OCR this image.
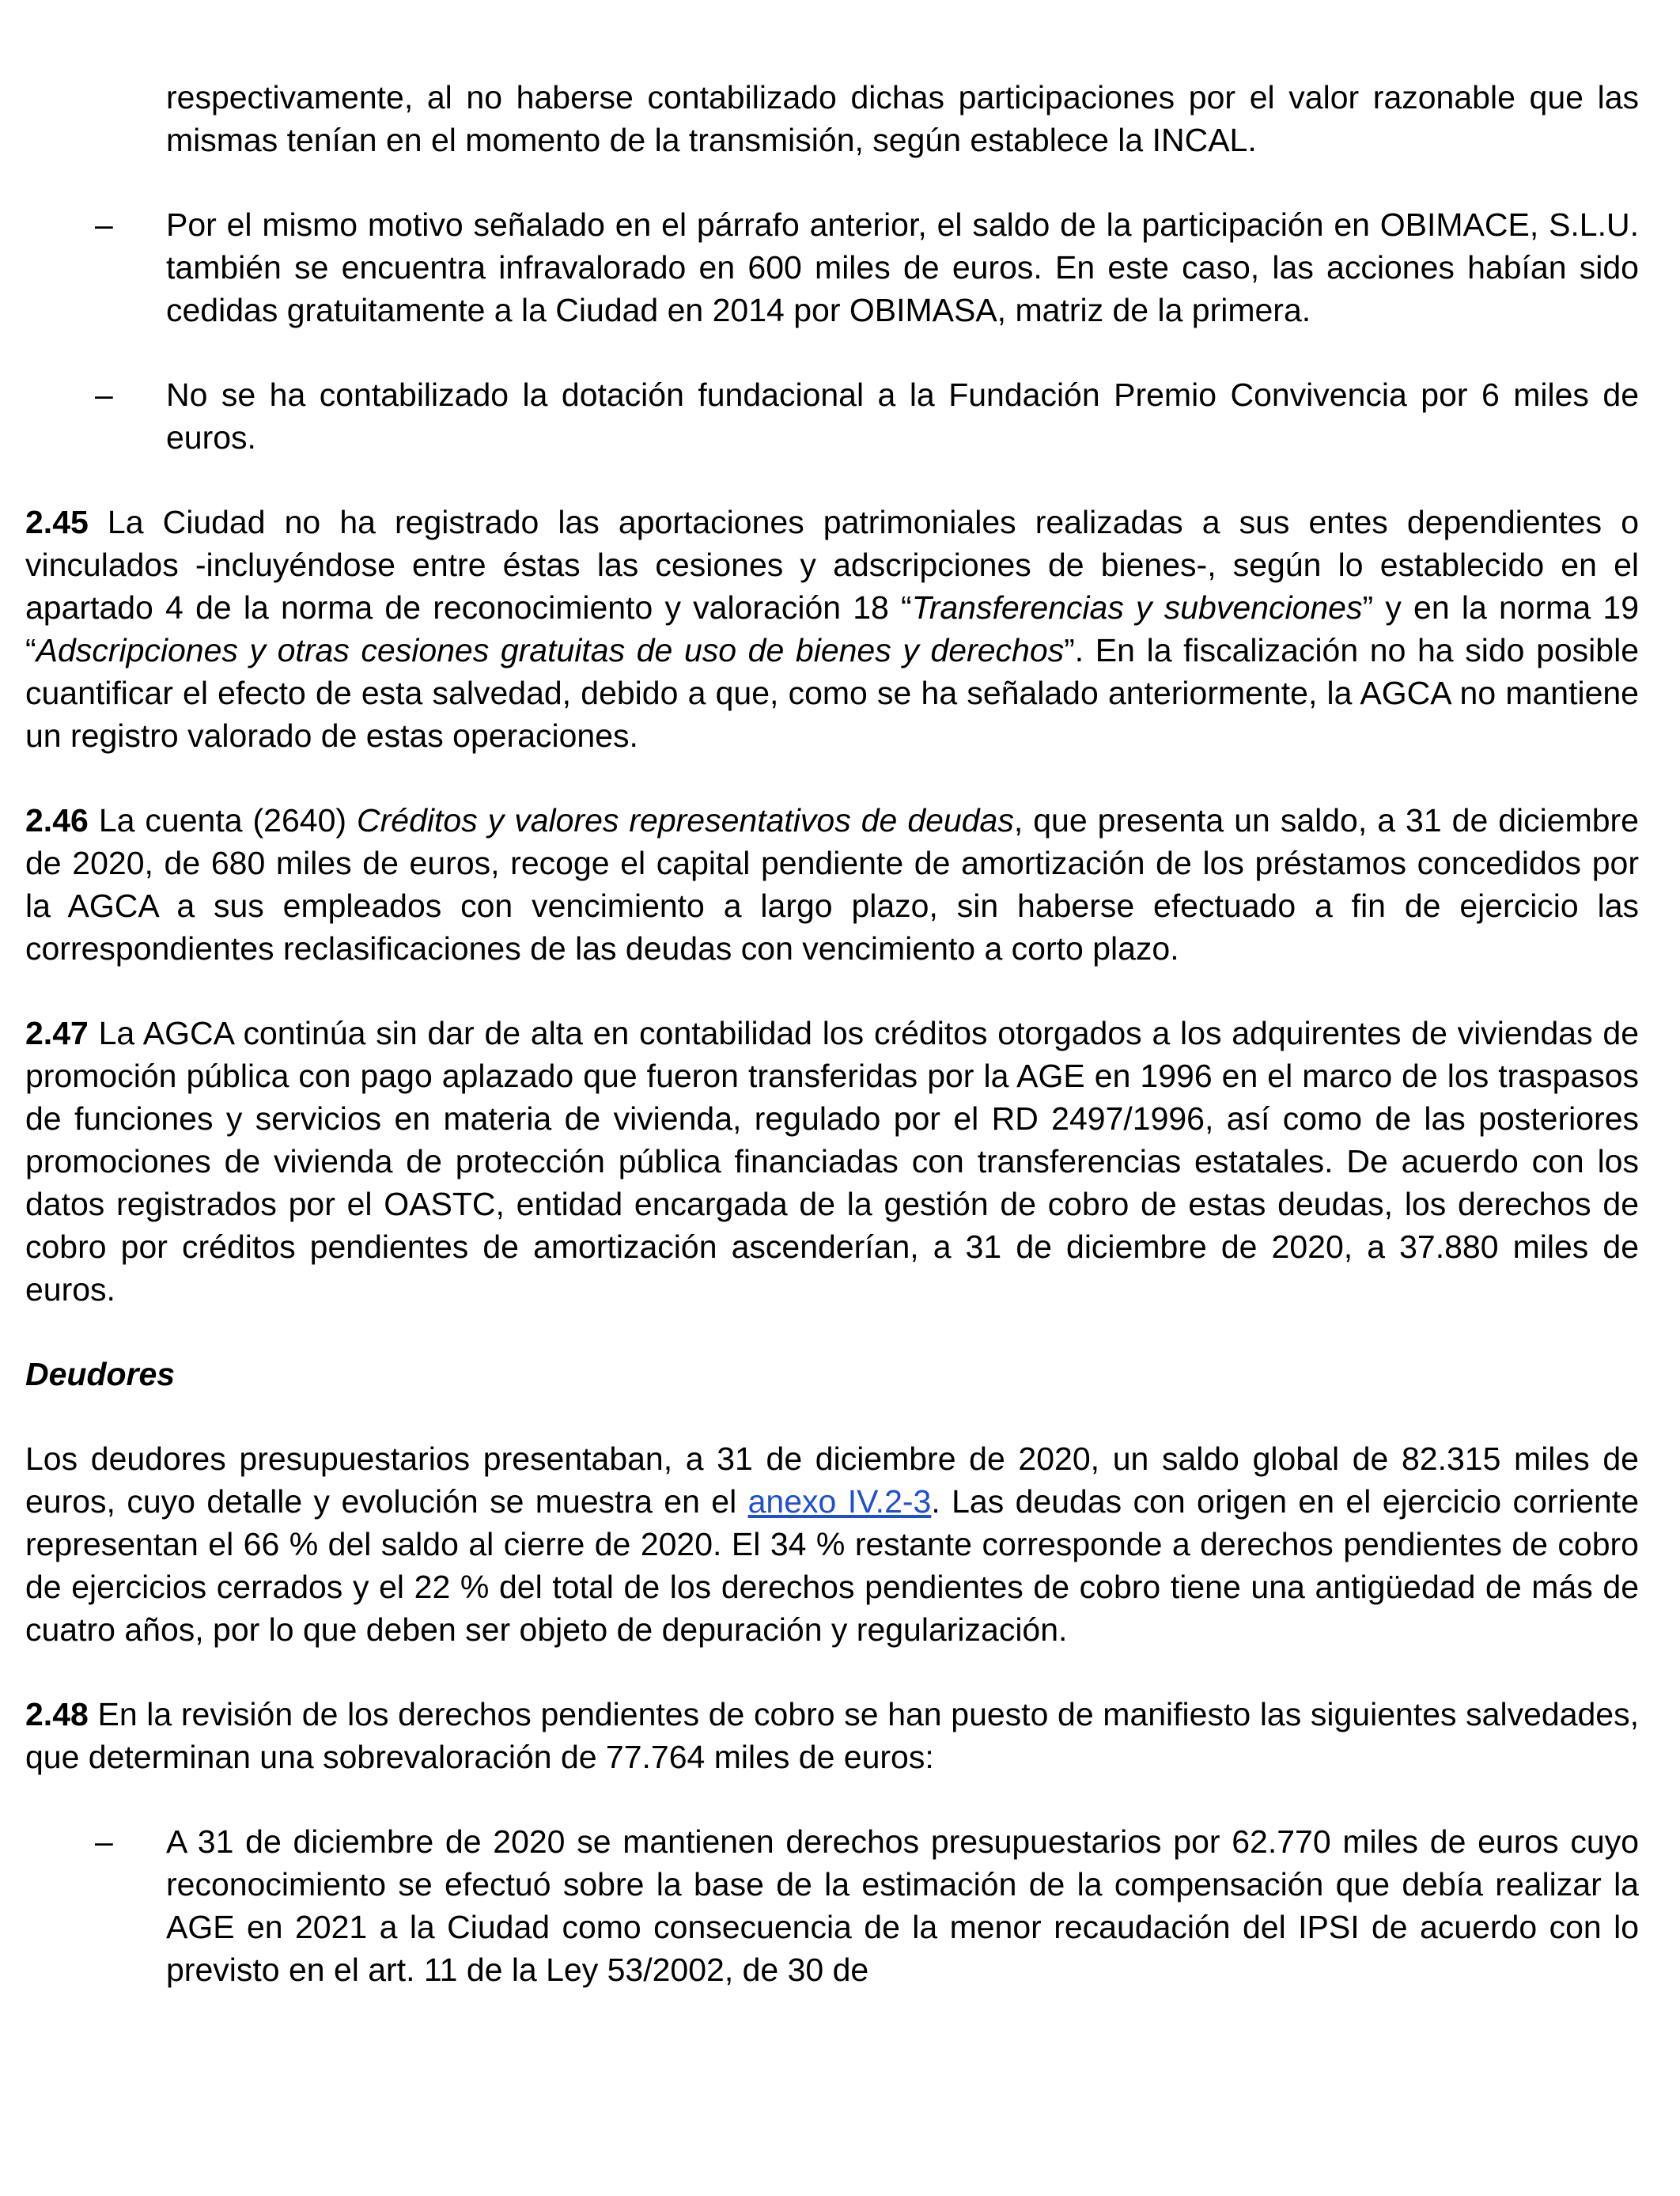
respectivamente, al no haberse contabilizado dichas participaciones por el valor razonable que las mismas tenían en el momento de la transmisión, según establece la INCAL.

– Por el mismo motivo señalado en el párrafo anterior, el saldo de la participación en OBIMACE, S.L.U. también se encuentra infravalorado en 600 miles de euros. En este caso, las acciones habían sido cedidas gratuitamente a la Ciudad en 2014 por OBIMASA, matriz de la primera.

– No se ha contabilizado la dotación fundacional a la Fundación Premio Convivencia por 6 miles de euros.

2.45 La Ciudad no ha registrado las aportaciones patrimoniales realizadas a sus entes dependientes o vinculados -incluyéndose entre éstas las cesiones y adscripciones de bienes-, según lo establecido en el apartado 4 de la norma de reconocimiento y valoración 18 “Transferencias y subvenciones” y en la norma 19 “Adscripciones y otras cesiones gratuitas de uso de bienes y derechos”. En la fiscalización no ha sido posible cuantificar el efecto de esta salvedad, debido a que, como se ha señalado anteriormente, la AGCA no mantiene un registro valorado de estas operaciones.

2.46 La cuenta (2640) Créditos y valores representativos de deudas, que presenta un saldo, a 31 de diciembre de 2020, de 680 miles de euros, recoge el capital pendiente de amortización de los préstamos concedidos por la AGCA a sus empleados con vencimiento a largo plazo, sin haberse efectuado a fin de ejercicio las correspondientes reclasificaciones de las deudas con vencimiento a corto plazo.

2.47 La AGCA continúa sin dar de alta en contabilidad los créditos otorgados a los adquirentes de viviendas de promoción pública con pago aplazado que fueron transferidas por la AGE en 1996 en el marco de los traspasos de funciones y servicios en materia de vivienda, regulado por el RD 2497/1996, así como de las posteriores promociones de vivienda de protección pública financiadas con transferencias estatales. De acuerdo con los datos registrados por el OASTC, entidad encargada de la gestión de cobro de estas deudas, los derechos de cobro por créditos pendientes de amortización ascenderían, a 31 de diciembre de 2020, a 37.880 miles de euros.

Deudores

Los deudores presupuestarios presentaban, a 31 de diciembre de 2020, un saldo global de 82.315 miles de euros, cuyo detalle y evolución se muestra en el anexo IV.2-3. Las deudas con origen en el ejercicio corriente representan el 66 % del saldo al cierre de 2020. El 34 % restante corresponde a derechos pendientes de cobro de ejercicios cerrados y el 22 % del total de los derechos pendientes de cobro tiene una antigüedad de más de cuatro años, por lo que deben ser objeto de depuración y regularización.

2.48 En la revisión de los derechos pendientes de cobro se han puesto de manifiesto las siguientes salvedades, que determinan una sobrevaloración de 77.764 miles de euros:

– A 31 de diciembre de 2020 se mantienen derechos presupuestarios por 62.770 miles de euros cuyo reconocimiento se efectuó sobre la base de la estimación de la compensación que debía realizar la AGE en 2021 a la Ciudad como consecuencia de la menor recaudación del IPSI de acuerdo con lo previsto en el art. 11 de la Ley 53/2002, de 30 de
